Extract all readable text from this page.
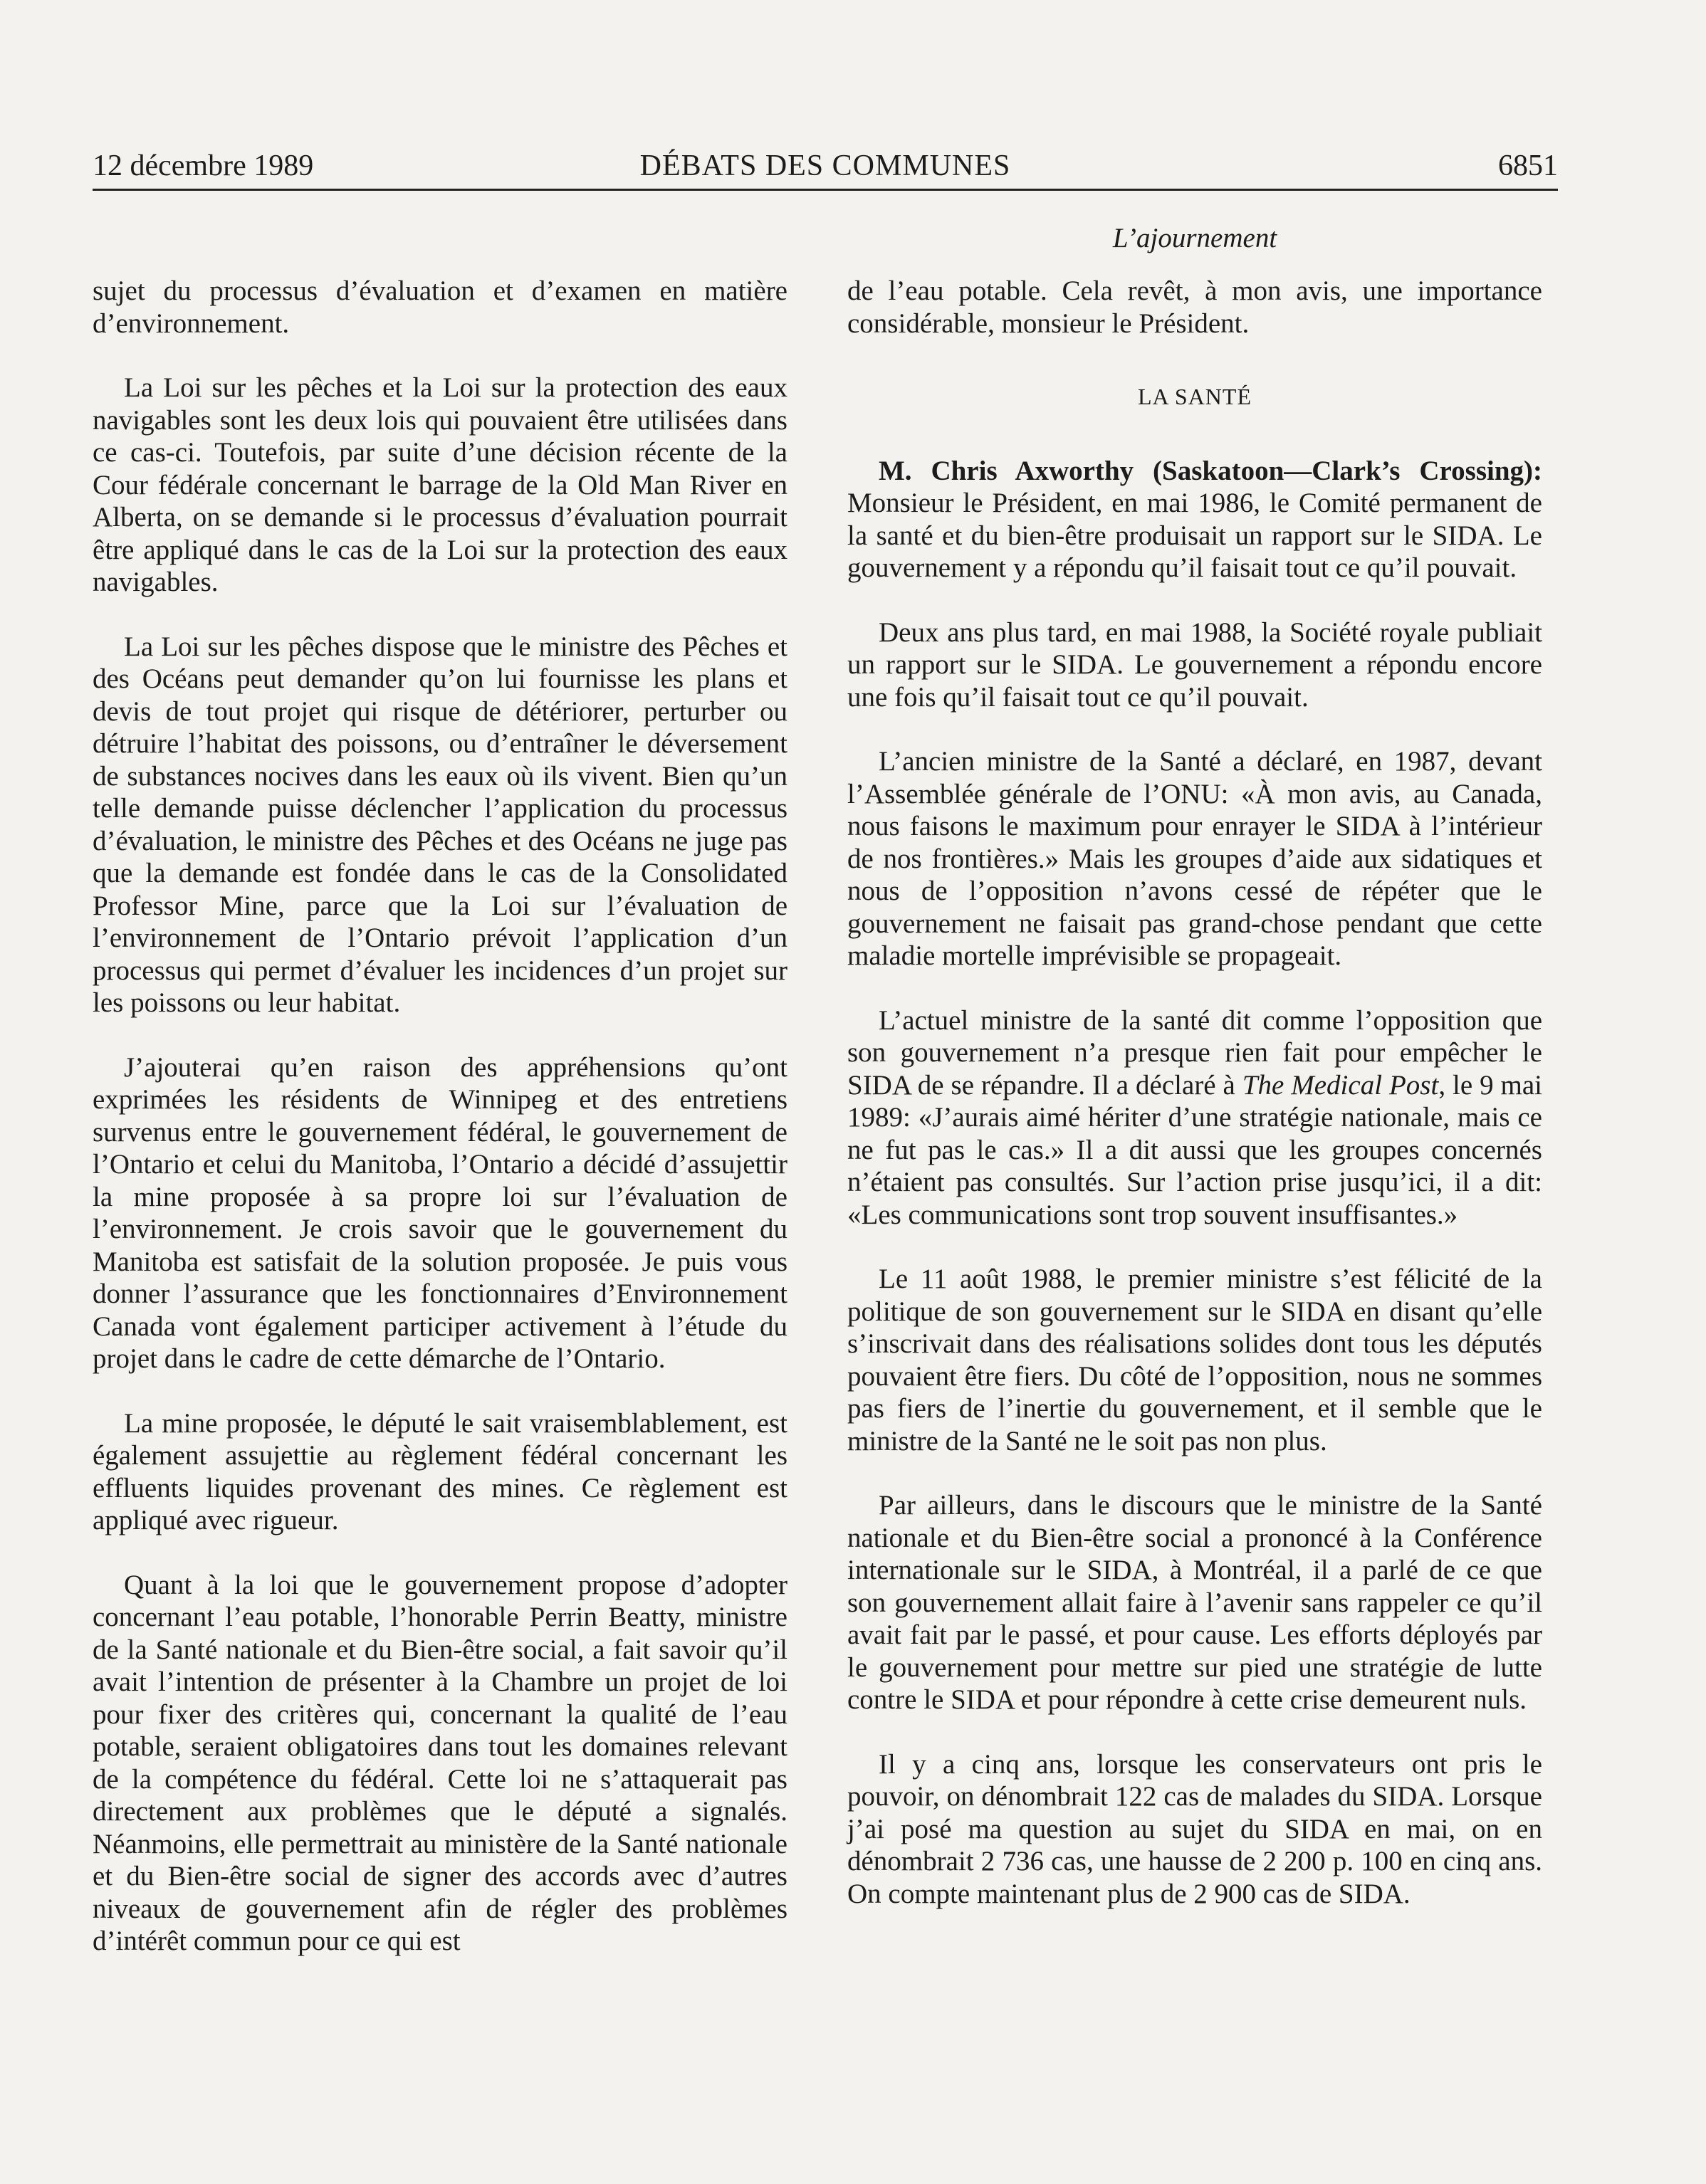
12 décembre 1989	DÉBATS DES COMMUNES	6851
L’ajournement

sujet du processus d’évaluation et d’examen en matière d’environnement.

La Loi sur les pêches et la Loi sur la protection des eaux navigables sont les deux lois qui pouvaient être utilisées dans ce cas-ci. Toutefois, par suite d’une décision récente de la Cour fédérale concernant le barrage de la Old Man River en Alberta, on se demande si le processus d’évaluation pourrait être appliqué dans le cas de la Loi sur la protection des eaux navigables.

La Loi sur les pêches dispose que le ministre des Pêches et des Océans peut demander qu’on lui fournisse les plans et devis de tout projet qui risque de détériorer, perturber ou détruire l’habitat des poissons, ou d’entraîner le déversement de substances nocives dans les eaux où ils vivent. Bien qu’un telle demande puisse déclencher l’application du processus d’évaluation, le ministre des Pêches et des Océans ne juge pas que la demande est fondée dans le cas de la Consolidated Professor Mine, parce que la Loi sur l’évaluation de l’environnement de l’Ontario prévoit l’application d’un processus qui permet d’évaluer les incidences d’un projet sur les poissons ou leur habitat.

J’ajouterai qu’en raison des appréhensions qu’ont exprimées les résidents de Winnipeg et des entretiens survenus entre le gouvernement fédéral, le gouvernement de l’Ontario et celui du Manitoba, l’Ontario a décidé d’assujettir la mine proposée à sa propre loi sur l’évaluation de l’environnement. Je crois savoir que le gouvernement du Manitoba est satisfait de la solution proposée. Je puis vous donner l’assurance que les fonctionnaires d’Environnement Canada vont également participer activement à l’étude du projet dans le cadre de cette démarche de l’Ontario.

La mine proposée, le député le sait vraisemblablement, est également assujettie au règlement fédéral concernant les effluents liquides provenant des mines. Ce règlement est appliqué avec rigueur.

Quant à la loi que le gouvernement propose d’adopter concernant l’eau potable, l’honorable Perrin Beatty, ministre de la Santé nationale et du Bien-être social, a fait savoir qu’il avait l’intention de présenter à la Chambre un projet de loi pour fixer des critères qui, concernant la qualité de l’eau potable, seraient obligatoires dans tout les domaines relevant de la compétence du fédéral. Cette loi ne s’attaquerait pas directement aux problèmes que le député a signalés. Néanmoins, elle permettrait au ministère de la Santé nationale et du Bien-être social de signer des accords avec d’autres niveaux de gouvernement afin de régler des problèmes d’intérêt commun pour ce qui est

de l’eau potable. Cela revêt, à mon avis, une importance considérable, monsieur le Président.

LA SANTÉ

M. Chris Axworthy (Saskatoon—Clark’s Crossing): Monsieur le Président, en mai 1986, le Comité permanent de la santé et du bien-être produisait un rapport sur le SIDA. Le gouvernement y a répondu qu’il faisait tout ce qu’il pouvait.

Deux ans plus tard, en mai 1988, la Société royale publiait un rapport sur le SIDA. Le gouvernement a répondu encore une fois qu’il faisait tout ce qu’il pouvait.

L’ancien ministre de la Santé a déclaré, en 1987, devant l’Assemblée générale de l’ONU: «À mon avis, au Canada, nous faisons le maximum pour enrayer le SIDA à l’intérieur de nos frontières.» Mais les groupes d’aide aux sidatiques et nous de l’opposition n’avons cessé de répéter que le gouvernement ne faisait pas grand-chose pendant que cette maladie mortelle imprévisible se propageait.

L’actuel ministre de la santé dit comme l’opposition que son gouvernement n’a presque rien fait pour empêcher le SIDA de se répandre. Il a déclaré à The Medical Post, le 9 mai 1989: «J’aurais aimé hériter d’une stratégie nationale, mais ce ne fut pas le cas.» Il a dit aussi que les groupes concernés n’étaient pas consultés. Sur l’action prise jusqu’ici, il a dit: «Les communications sont trop souvent insuffisantes.»

Le 11 août 1988, le premier ministre s’est félicité de la politique de son gouvernement sur le SIDA en disant qu’elle s’inscrivait dans des réalisations solides dont tous les députés pouvaient être fiers. Du côté de l’opposition, nous ne sommes pas fiers de l’inertie du gouvernement, et il semble que le ministre de la Santé ne le soit pas non plus.

Par ailleurs, dans le discours que le ministre de la Santé nationale et du Bien-être social a prononcé à la Conférence internationale sur le SIDA, à Montréal, il a parlé de ce que son gouvernement allait faire à l’avenir sans rappeler ce qu’il avait fait par le passé, et pour cause. Les efforts déployés par le gouvernement pour mettre sur pied une stratégie de lutte contre le SIDA et pour répondre à cette crise demeurent nuls.

Il y a cinq ans, lorsque les conservateurs ont pris le pouvoir, on dénombrait 122 cas de malades du SIDA. Lorsque j’ai posé ma question au sujet du SIDA en mai, on en dénombrait 2 736 cas, une hausse de 2 200 p. 100 en cinq ans. On compte maintenant plus de 2 900 cas de SIDA.
